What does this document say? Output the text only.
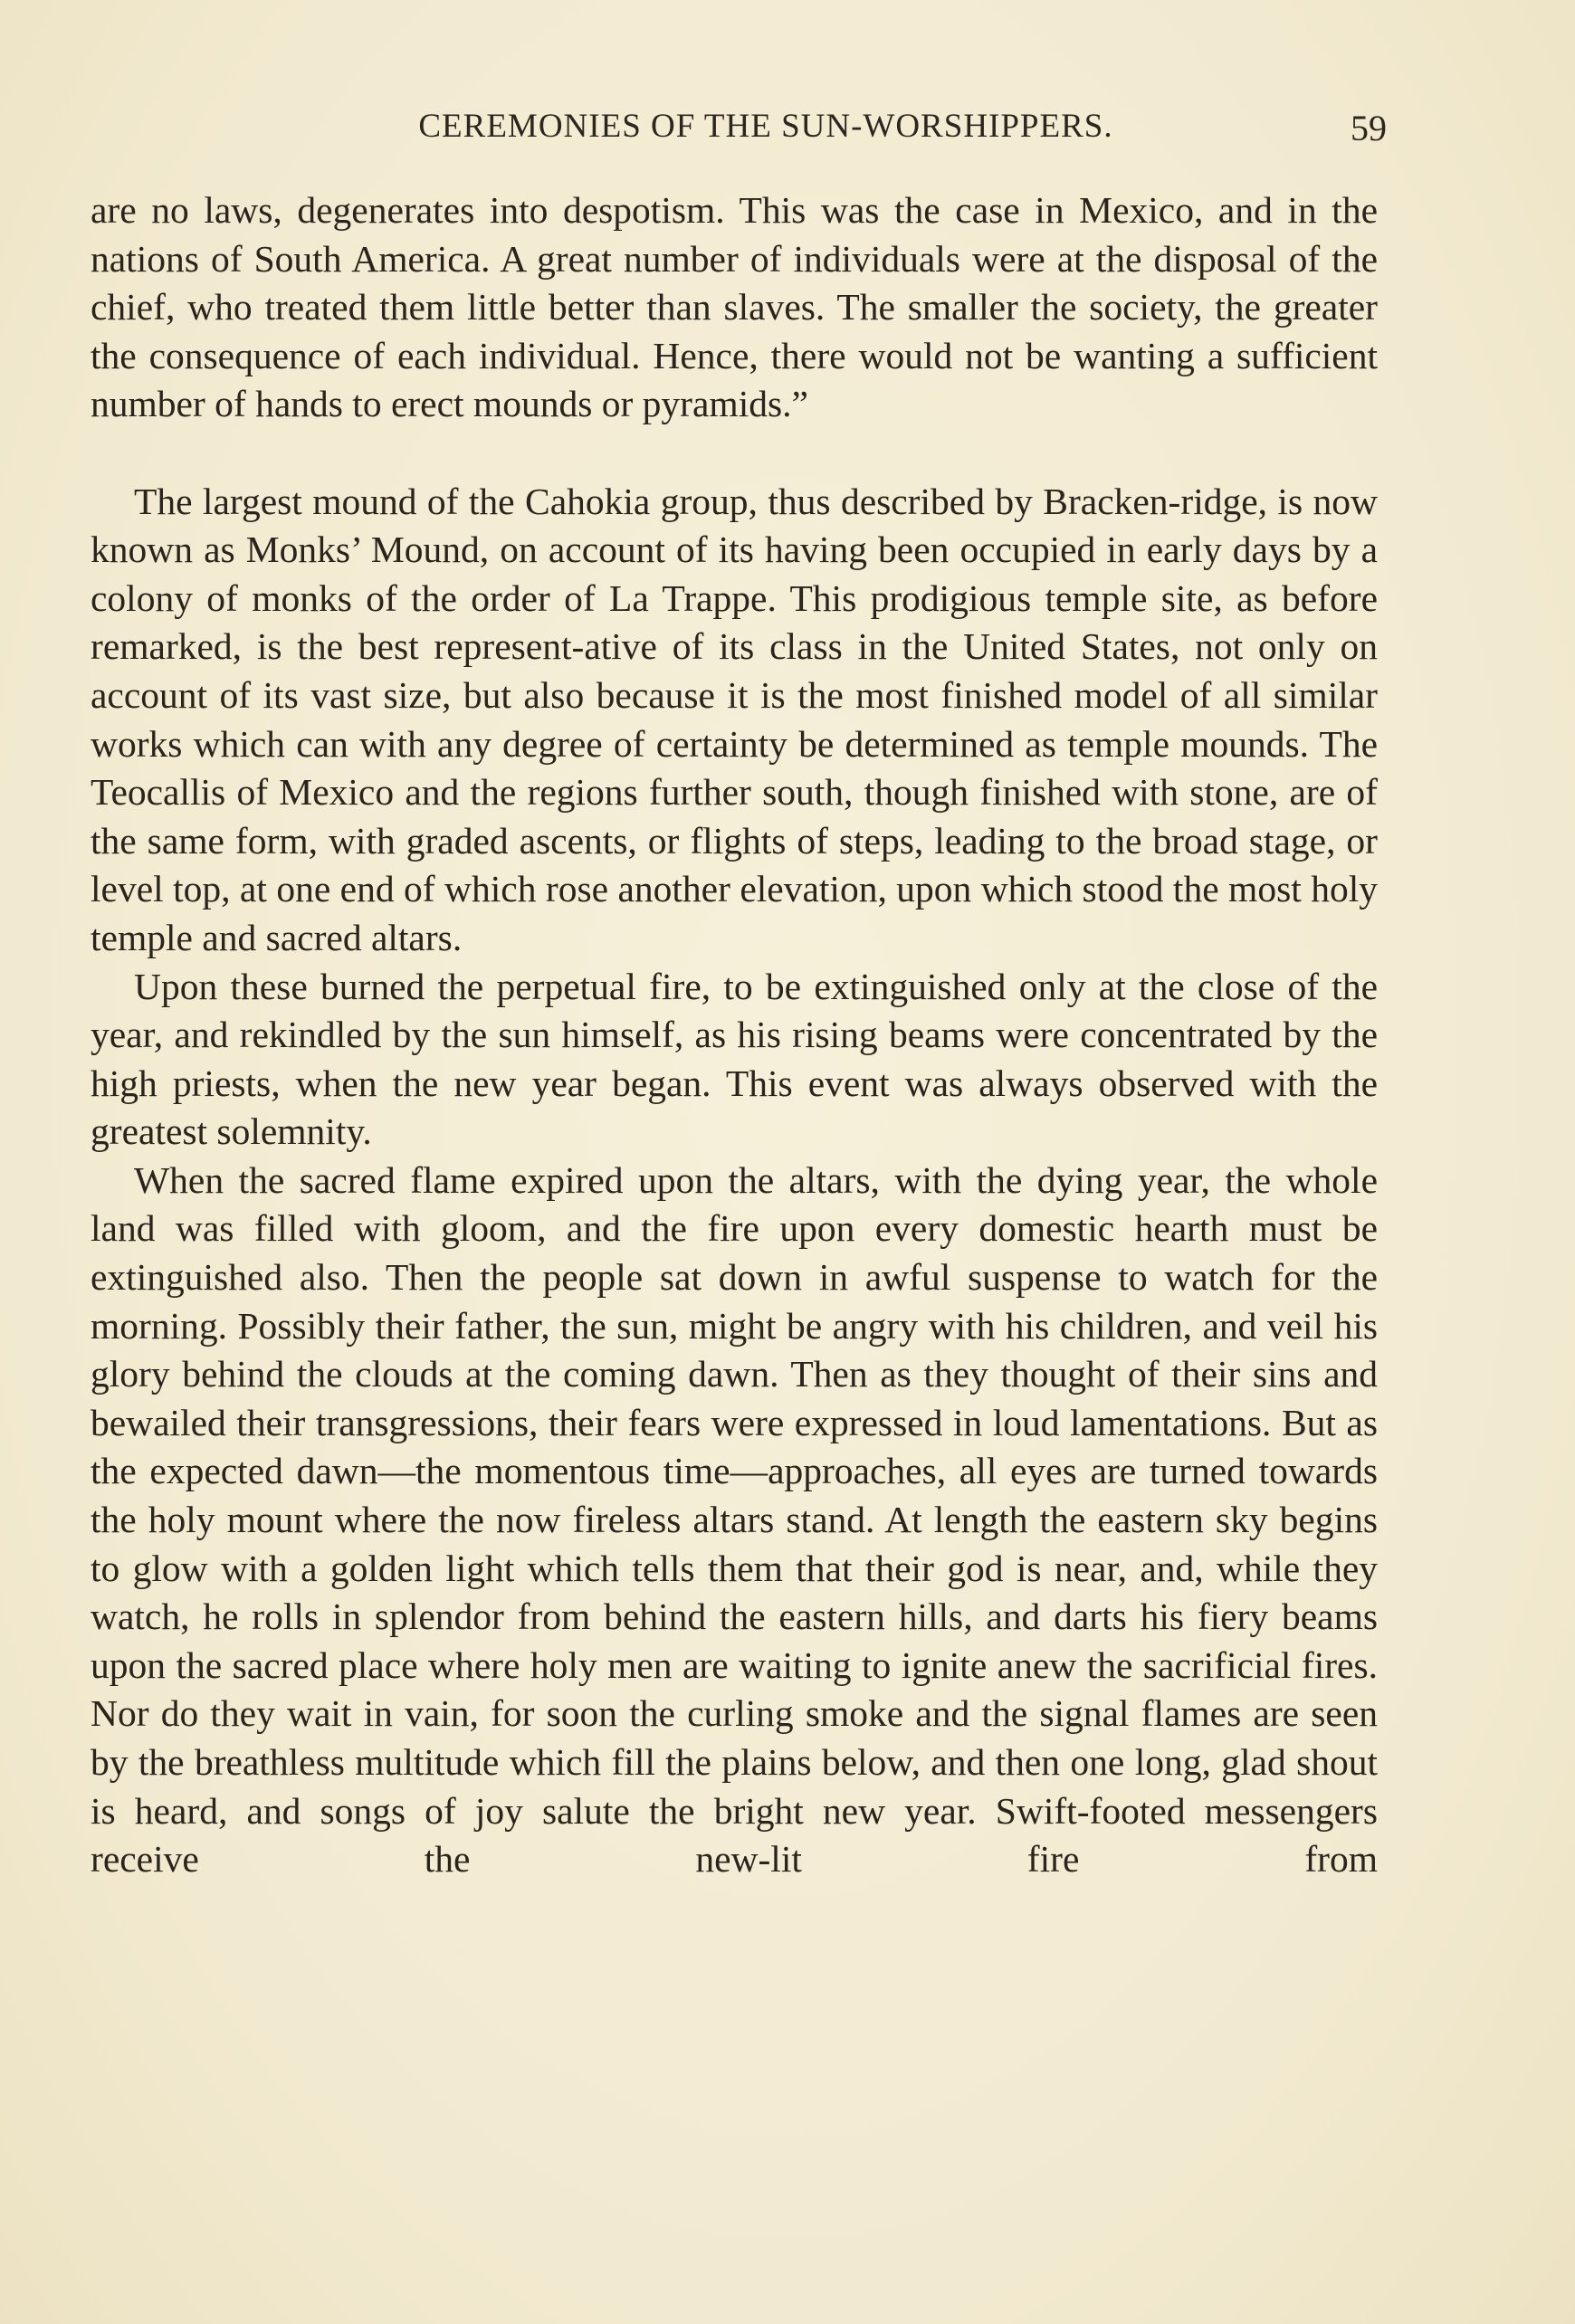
CEREMONIES OF THE SUN-WORSHIPPERS.	59

are no laws, degenerates into despotism. This was the case in Mexico, and in the nations of South America. A great number of individuals were at the disposal of the chief, who treated them little better than slaves. The smaller the society, the greater the consequence of each individual. Hence, there would not be wanting a sufficient number of hands to erect mounds or pyramids.”

The largest mound of the Cahokia group, thus described by Bracken-ridge, is now known as Monks’ Mound, on account of its having been occupied in early days by a colony of monks of the order of La Trappe. This prodigious temple site, as before remarked, is the best represent-ative of its class in the United States, not only on account of its vast size, but also because it is the most finished model of all similar works which can with any degree of certainty be determined as temple mounds. The Teocallis of Mexico and the regions further south, though finished with stone, are of the same form, with graded ascents, or flights of steps, leading to the broad stage, or level top, at one end of which rose another elevation, upon which stood the most holy temple and sacred altars.

Upon these burned the perpetual fire, to be extinguished only at the close of the year, and rekindled by the sun himself, as his rising beams were concentrated by the high priests, when the new year began. This event was always observed with the greatest solemnity.

When the sacred flame expired upon the altars, with the dying year, the whole land was filled with gloom, and the fire upon every domestic hearth must be extinguished also. Then the people sat down in awful suspense to watch for the morning. Possibly their father, the sun, might be angry with his children, and veil his glory behind the clouds at the coming dawn. Then as they thought of their sins and bewailed their transgressions, their fears were expressed in loud lamentations. But as the expected dawn—the momentous time—approaches, all eyes are turned towards the holy mount where the now fireless altars stand. At length the eastern sky begins to glow with a golden light which tells them that their god is near, and, while they watch, he rolls in splendor from behind the eastern hills, and darts his fiery beams upon the sacred place where holy men are waiting to ignite anew the sacrificial fires. Nor do they wait in vain, for soon the curling smoke and the signal flames are seen by the breathless multitude which fill the plains below, and then one long, glad shout is heard, and songs of joy salute the bright new year. Swift-footed messengers receive the new-lit fire from
